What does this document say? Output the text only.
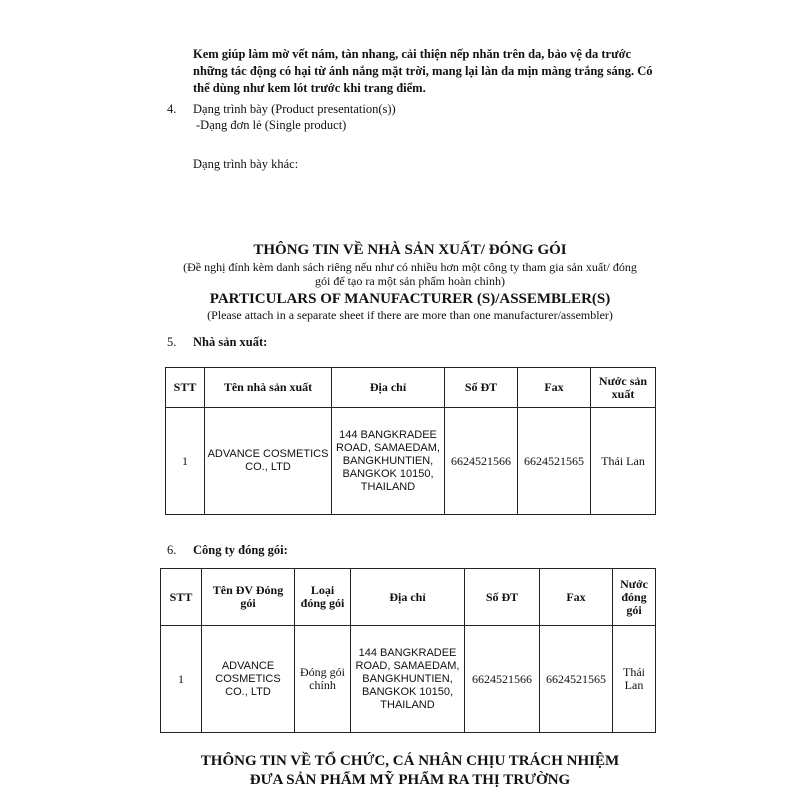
Kem giúp làm mờ vết nám, tàn nhang, cải thiện nếp nhăn trên da, bảo vệ da trước
những tác động có hại từ ánh nắng mặt trời, mang lại làn da mịn màng trắng sáng. Có
thể dùng như kem lót trước khi trang điểm.
4. Dạng trình bày (Product presentation(s))
-Dạng đơn lẻ (Single product)
Dạng trình bày khác:
THÔNG TIN VỀ NHÀ SẢN XUẤT/ ĐÓNG GÓI
(Đề nghị đính kèm danh sách riêng nếu như có nhiều hơn một công ty tham gia sản xuất/ đóng
gói để tạo ra một sản phẩm hoàn chỉnh)
PARTICULARS OF MANUFACTURER (S)/ASSEMBLER(S)
(Please attach in a separate sheet if there are more than one manufacturer/assembler)
5. Nhà sản xuất:
STT	Tên nhà sản xuất	Địa chỉ	Số ĐT	Fax	Nước sản xuất
1	ADVANCE COSMETICS CO., LTD	144 BANGKRADEE ROAD, SAMAEDAM, BANGKHUNTIEN, BANGKOK 10150, THAILAND	6624521566	6624521565	Thái Lan
6. Công ty đóng gói:
STT	Tên ĐV Đóng gói	Loại đóng gói	Địa chỉ	Số ĐT	Fax	Nước đóng gói
1	ADVANCE COSMETICS CO., LTD	Đóng gói chính	144 BANGKRADEE ROAD, SAMAEDAM, BANGKHUNTIEN, BANGKOK 10150, THAILAND	6624521566	6624521565	Thái Lan
THÔNG TIN VỀ TỔ CHỨC, CÁ NHÂN CHỊU TRÁCH NHIỆM
ĐƯA SẢN PHẨM MỸ PHẨM RA THỊ TRƯỜNG
